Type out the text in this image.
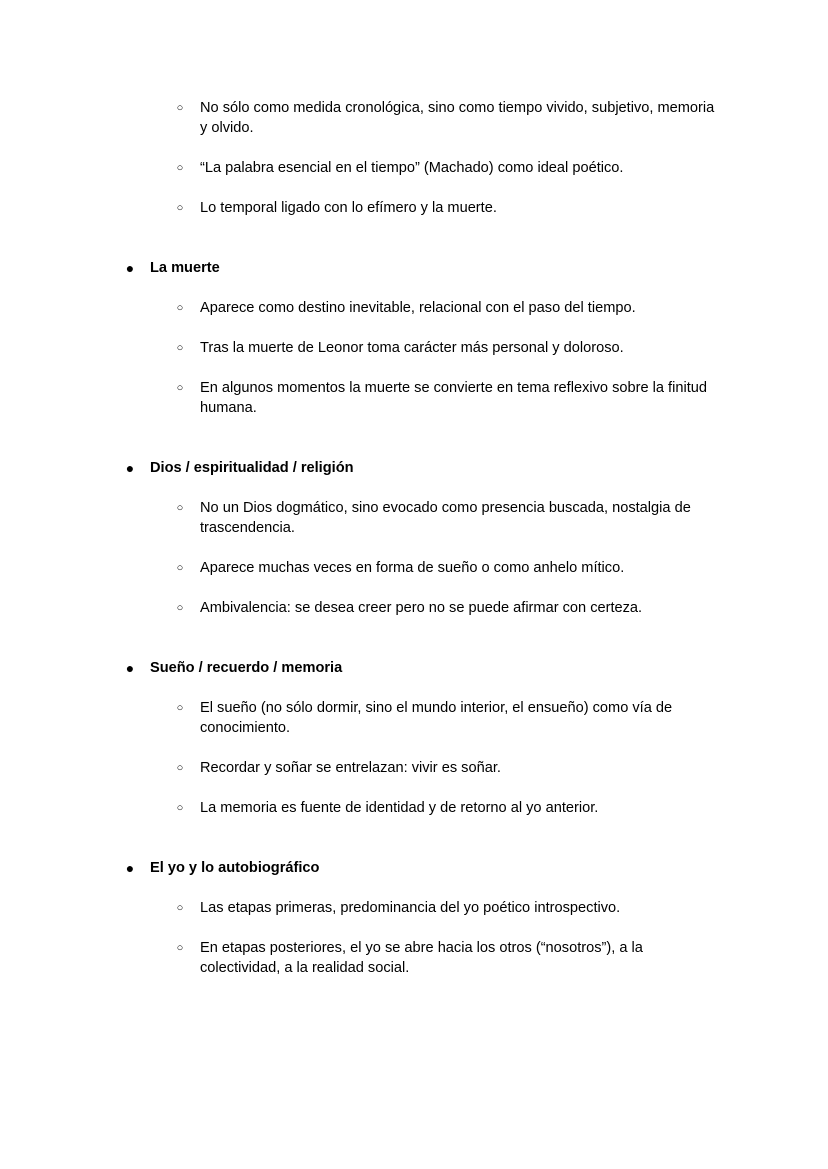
○ No sólo como medida cronológica, sino como tiempo vivido, subjetivo, memoria y olvido.
○ “La palabra esencial en el tiempo” (Machado) como ideal poético.
○ Lo temporal ligado con lo efímero y la muerte.
● La muerte
○ Aparece como destino inevitable, relacional con el paso del tiempo.
○ Tras la muerte de Leonor toma carácter más personal y doloroso.
○ En algunos momentos la muerte se convierte en tema reflexivo sobre la finitud humana.
● Dios / espiritualidad / religión
○ No un Dios dogmático, sino evocado como presencia buscada, nostalgia de trascendencia.
○ Aparece muchas veces en forma de sueño o como anhelo mítico.
○ Ambivalencia: se desea creer pero no se puede afirmar con certeza.
● Sueño / recuerdo / memoria
○ El sueño (no sólo dormir, sino el mundo interior, el ensueño) como vía de conocimiento.
○ Recordar y soñar se entrelazan: vivir es soñar.
○ La memoria es fuente de identidad y de retorno al yo anterior.
● El yo y lo autobiográfico
○ Las etapas primeras, predominancia del yo poético introspectivo.
○ En etapas posteriores, el yo se abre hacia los otros (“nosotros”), a la colectividad, a la realidad social.
